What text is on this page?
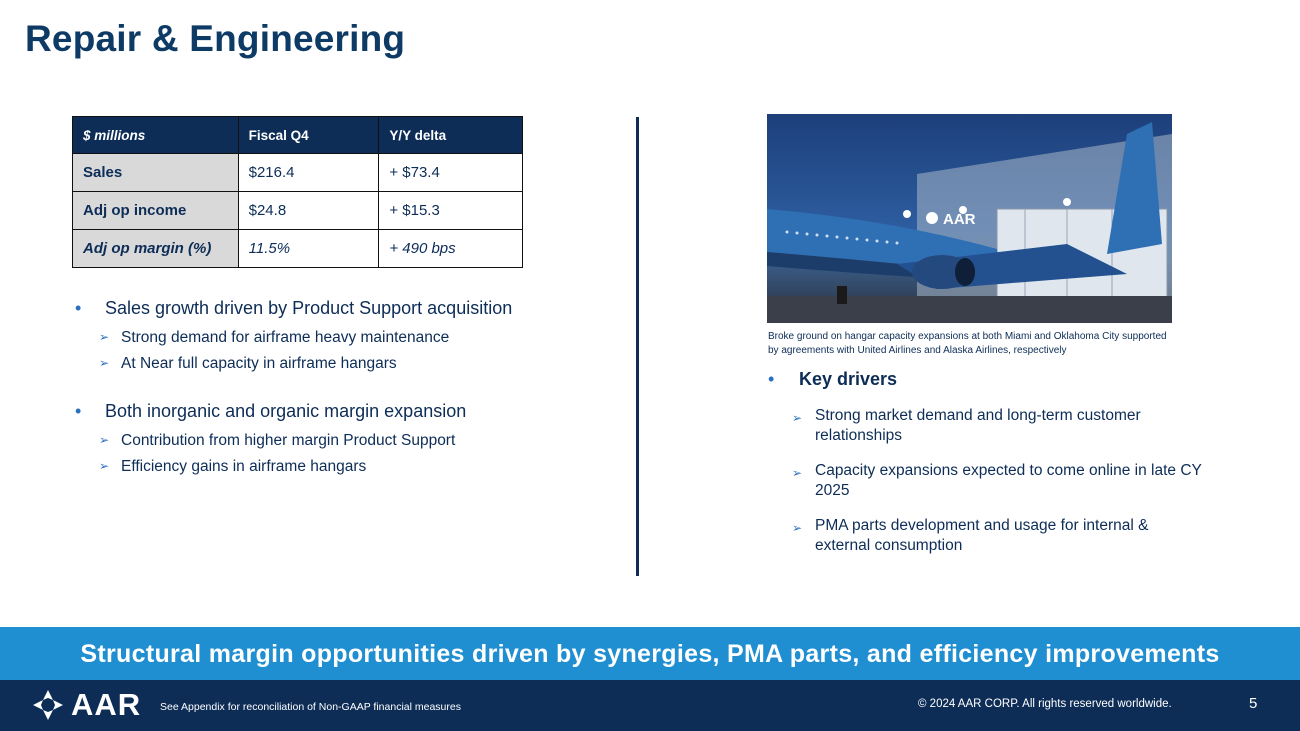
Repair & Engineering
$ millions	Fiscal Q4	Y/Y delta
Sales	$216.4	+ $73.4
Adj op income	$24.8	+ $15.3
Adj op margin (%)	11.5%	+ 490 bps
• Sales growth driven by Product Support acquisition
➢ Strong demand for airframe heavy maintenance
➢ At Near full capacity in airframe hangars
• Both inorganic and organic margin expansion
➢ Contribution from higher margin Product Support
➢ Efficiency gains in airframe hangars
AAR
Broke ground on hangar capacity expansions at both Miami and Oklahoma City supported by agreements with United Airlines and Alaska Airlines, respectively
• Key drivers
➢ Strong market demand and long-term customer relationships
➢ Capacity expansions expected to come online in late CY 2025
➢ PMA parts development and usage for internal & external consumption
Structural margin opportunities driven by synergies, PMA parts, and efficiency improvements
AAR See Appendix for reconciliation of Non-GAAP financial measures	© 2024 AAR CORP. All rights reserved worldwide.	5
